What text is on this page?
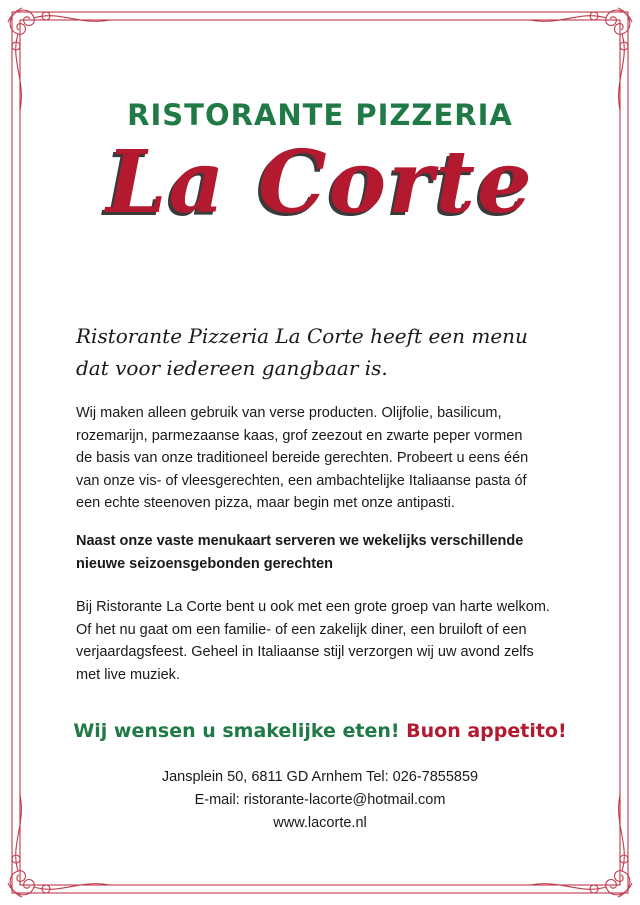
RISTORANTE PIZZERIA
La Corte
Ristorante Pizzeria La Corte heeft een menu
dat voor iedereen gangbaar is.
Wij maken alleen gebruik van verse producten. Olijfolie, basilicum,
rozemarijn, parmezaanse kaas, grof zeezout en zwarte peper vormen
de basis van onze traditioneel bereide gerechten. Probeert u eens één
van onze vis- of vleesgerechten, een ambachtelijke Italiaanse pasta óf
een echte steenoven pizza, maar begin met onze antipasti.
Naast onze vaste menukaart serveren we wekelijks verschillende
nieuwe seizoensgebonden gerechten
Bij Ristorante La Corte bent u ook met een grote groep van harte welkom.
Of het nu gaat om een familie- of een zakelijk diner, een bruiloft of een
verjaardagsfeest. Geheel in Italiaanse stijl verzorgen wij uw avond zelfs
met live muziek.
Wij wensen u smakelijke eten! Buon appetito!
Jansplein 50, 6811 GD Arnhem Tel: 026-7855859
E-mail: ristorante-lacorte@hotmail.com
www.lacorte.nl
